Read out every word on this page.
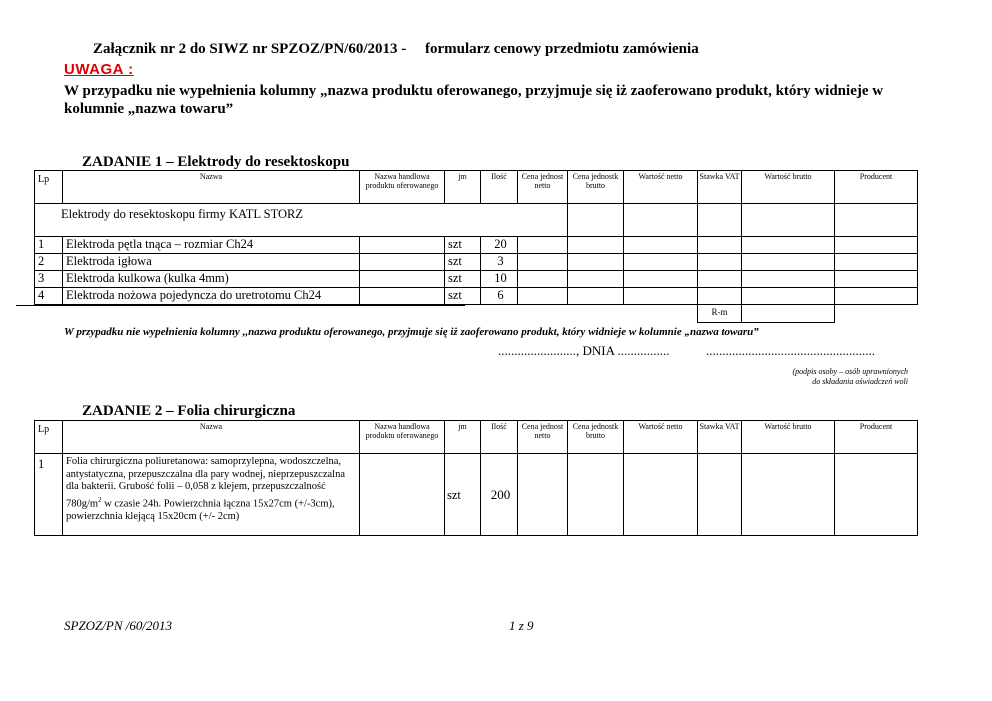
Załącznik nr 2 do SIWZ nr SPZOZ/PN/60/2013 -     formularz cenowy przedmiotu zamówienia
UWAGA :
W przypadku nie wypełnienia kolumny „nazwa produktu oferowanego, przyjmuje się iż zaoferowano produkt, który widnieje w kolumnie „nazwa towaru”
ZADANIE 1 – Elektrody do resektoskopu
Lp	Nazwa	Nazwa handlowa produktu oferowanego	jm	Ilość	Cena jednost netto	Cena jednostk brutto	Wartość netto	Stawka VAT	Wartość brutto	Producent
Elektrody do resektoskopu firmy KATL STORZ										
1	Elektroda pętla tnąca – rozmiar Ch24		szt	20						
2	Elektroda igłowa		szt	3						
3	Elektroda kulkowa (kulka 4mm)		szt	10						
4	Elektroda nożowa pojedyncza do uretrotomu Ch24		szt	6						
								R-m		
W przypadku nie wypełnienia kolumny ,,nazwa produktu oferowanego, przyjmuje się iż zaoferowano produkt, który widnieje w kolumnie „nazwa towaru”
........................, DNIA ................	....................................................
(podpis osoby – osób uprawnionych
do składania oświadczeń woli
ZADANIE 2 – Folia chirurgiczna
Lp	Nazwa	Nazwa handlowa produktu oferowanego	jm	Ilość	Cena jednost netto	Cena jednostk brutto	Wartość netto	Stawka VAT	Wartość brutto	Producent
1	Folia chirurgiczna poliuretanowa: samoprzylepna, wodoszczelna, antystatyczna, przepuszczalna dla pary wodnej, nieprzepuszczalna dla bakterii. Grubość folii – 0,058 z klejem, przepuszczalność $780g/m^2$ w czasie 24h. Powierzchnia łączna 15x27cm (+/-3cm), powierzchnia klejącą 15x20cm (+/- 2cm)		szt	200						
SPZOZ/PN /60/2013	1 z 9
